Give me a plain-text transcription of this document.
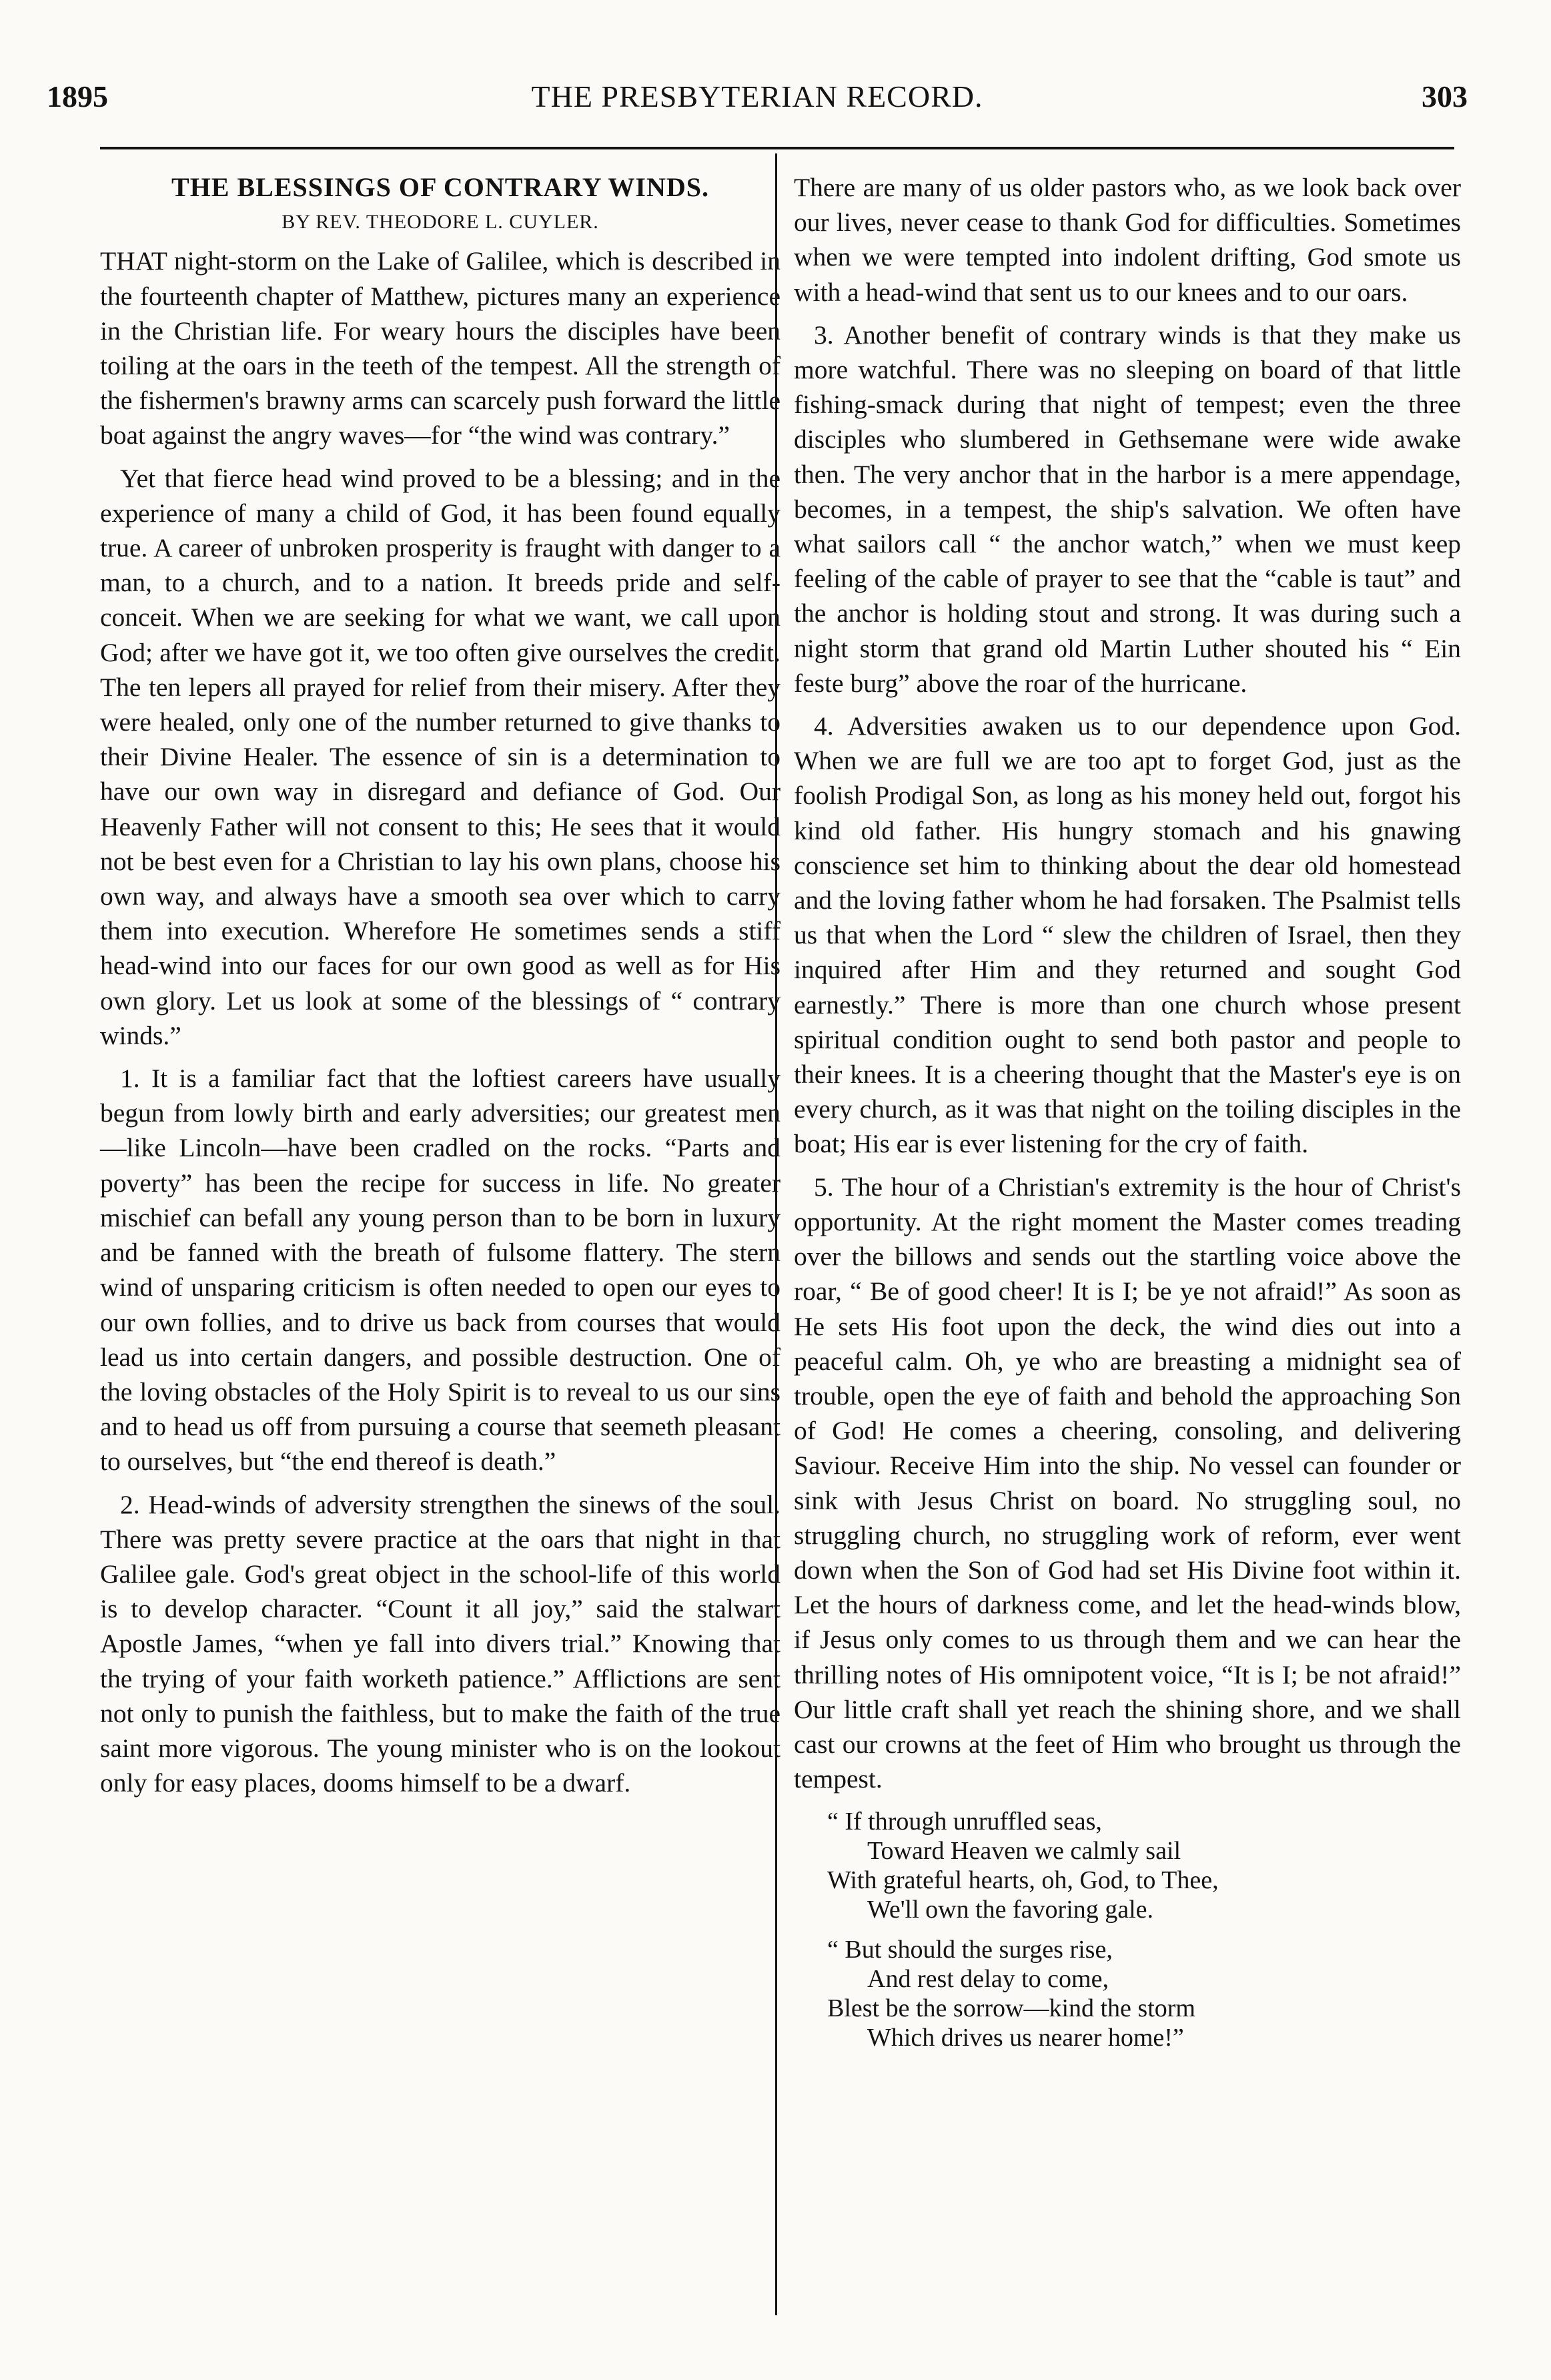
1895	THE PRESBYTERIAN RECORD.	303

THE BLESSINGS OF CONTRARY WINDS.

BY REV. THEODORE L. CUYLER.

THAT night-storm on the Lake of Galilee, which is described in the fourteenth chapter of Matthew, pictures many an experience in the Christian life. For weary hours the disciples have been toiling at the oars in the teeth of the tempest. All the strength of the fishermen's brawny arms can scarcely push forward the little boat against the angry waves—for “the wind was contrary.”

Yet that fierce head wind proved to be a blessing; and in the experience of many a child of God, it has been found equally true. A career of unbroken prosperity is fraught with danger to a man, to a church, and to a nation. It breeds pride and self-conceit. When we are seeking for what we want, we call upon God; after we have got it, we too often give ourselves the credit. The ten lepers all prayed for relief from their misery. After they were healed, only one of the number returned to give thanks to their Divine Healer. The essence of sin is a determination to have our own way in disregard and defiance of God. Our Heavenly Father will not consent to this; He sees that it would not be best even for a Christian to lay his own plans, choose his own way, and always have a smooth sea over which to carry them into execution. Wherefore He sometimes sends a stiff head-wind into our faces for our own good as well as for His own glory. Let us look at some of the blessings of “ contrary winds.”

1. It is a familiar fact that the loftiest careers have usually begun from lowly birth and early adversities; our greatest men—like Lincoln—have been cradled on the rocks. “Parts and poverty” has been the recipe for success in life. No greater mischief can befall any young person than to be born in luxury and be fanned with the breath of fulsome flattery. The stern wind of unsparing criticism is often needed to open our eyes to our own follies, and to drive us back from courses that would lead us into certain dangers, and possible destruction. One of the loving obstacles of the Holy Spirit is to reveal to us our sins and to head us off from pursuing a course that seemeth pleasant to ourselves, but “the end thereof is death.”

2. Head-winds of adversity strengthen the sinews of the soul. There was pretty severe practice at the oars that night in that Galilee gale. God's great object in the school-life of this world is to develop character. “Count it all joy,” said the stalwart Apostle James, “when ye fall into divers trial.” Knowing that the trying of your faith worketh patience.” Afflictions are sent not only to punish the faithless, but to make the faith of the true saint more vigorous. The young minister who is on the lookout only for easy places, dooms himself to be a dwarf.

There are many of us older pastors who, as we look back over our lives, never cease to thank God for difficulties. Sometimes when we were tempted into indolent drifting, God smote us with a head-wind that sent us to our knees and to our oars.

3. Another benefit of contrary winds is that they make us more watchful. There was no sleeping on board of that little fishing-smack during that night of tempest; even the three disciples who slumbered in Gethsemane were wide awake then. The very anchor that in the harbor is a mere appendage, becomes, in a tempest, the ship's salvation. We often have what sailors call “ the anchor watch,” when we must keep feeling of the cable of prayer to see that the “cable is taut” and the anchor is holding stout and strong. It was during such a night storm that grand old Martin Luther shouted his “ Ein feste burg” above the roar of the hurricane.

4. Adversities awaken us to our dependence upon God. When we are full we are too apt to forget God, just as the foolish Prodigal Son, as long as his money held out, forgot his kind old father. His hungry stomach and his gnawing conscience set him to thinking about the dear old homestead and the loving father whom he had forsaken. The Psalmist tells us that when the Lord “ slew the children of Israel, then they inquired after Him and they returned and sought God earnestly.” There is more than one church whose present spiritual condition ought to send both pastor and people to their knees. It is a cheering thought that the Master's eye is on every church, as it was that night on the toiling disciples in the boat; His ear is ever listening for the cry of faith.

5. The hour of a Christian's extremity is the hour of Christ's opportunity. At the right moment the Master comes treading over the billows and sends out the startling voice above the roar, “ Be of good cheer! It is I; be ye not afraid!” As soon as He sets His foot upon the deck, the wind dies out into a peaceful calm. Oh, ye who are breasting a midnight sea of trouble, open the eye of faith and behold the approaching Son of God! He comes a cheering, consoling, and delivering Saviour. Receive Him into the ship. No vessel can founder or sink with Jesus Christ on board. No struggling soul, no struggling church, no struggling work of reform, ever went down when the Son of God had set His Divine foot within it. Let the hours of darkness come, and let the head-winds blow, if Jesus only comes to us through them and we can hear the thrilling notes of His omnipotent voice, “It is I; be not afraid!” Our little craft shall yet reach the shining shore, and we shall cast our crowns at the feet of Him who brought us through the tempest.

“ If through unruffled seas,
Toward Heaven we calmly sail
With grateful hearts, oh, God, to Thee,
We'll own the favoring gale.
“ But should the surges rise,
And rest delay to come,
Blest be the sorrow—kind the storm
Which drives us nearer home!”
